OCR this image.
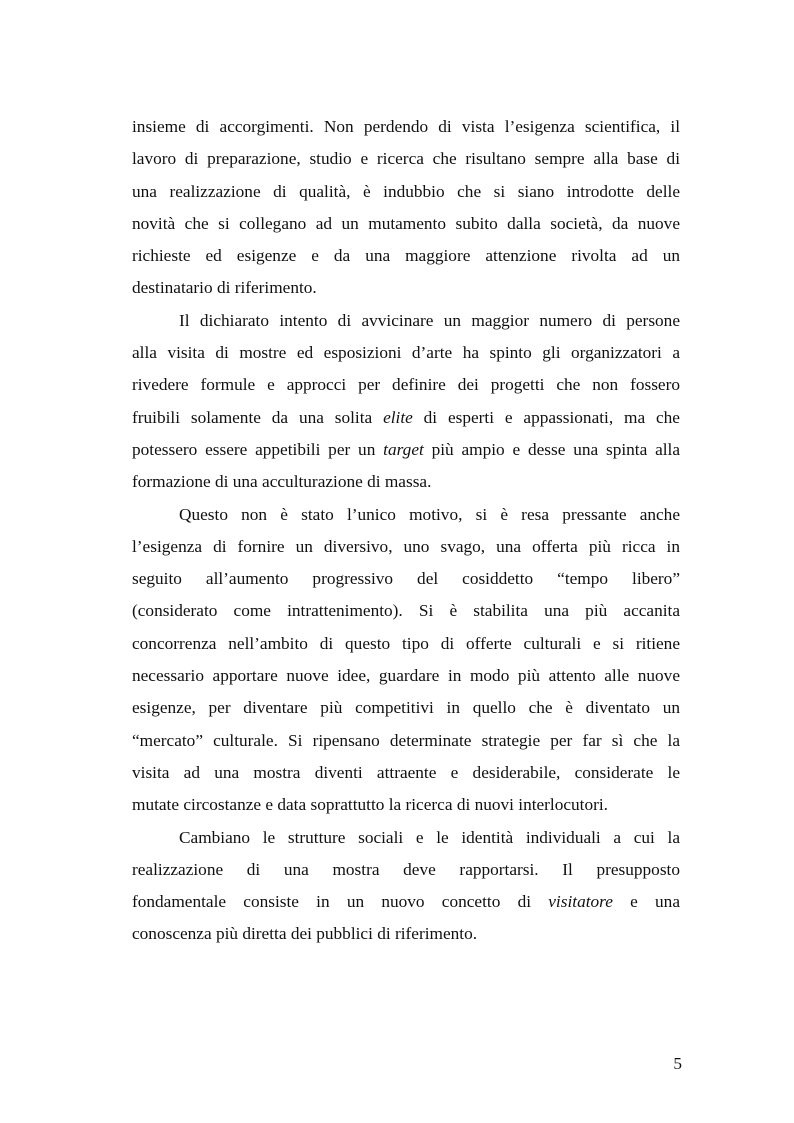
insieme di accorgimenti. Non perdendo di vista l’esigenza scientifica, il
lavoro di preparazione, studio e ricerca che risultano sempre alla base di
una realizzazione di qualità, è indubbio che si siano introdotte delle
novità che si collegano ad un mutamento subito dalla società, da nuove
richieste ed esigenze e da una maggiore attenzione rivolta ad un
destinatario di riferimento.
Il dichiarato intento di avvicinare un maggior numero di persone
alla visita di mostre ed esposizioni d’arte ha spinto gli organizzatori a
rivedere formule e approcci per definire dei progetti che non fossero
fruibili solamente da una solita elite di esperti e appassionati, ma che
potessero essere appetibili per un target più ampio e desse una spinta alla
formazione di una acculturazione di massa.
Questo non è stato l’unico motivo, si è resa pressante anche
l’esigenza di fornire un diversivo, uno svago, una offerta più ricca in
seguito all’aumento progressivo del cosiddetto “tempo libero”
(considerato come intrattenimento). Si è stabilita una più accanita
concorrenza nell’ambito di questo tipo di offerte culturali e si ritiene
necessario apportare nuove idee, guardare in modo più attento alle nuove
esigenze, per diventare più competitivi in quello che è diventato un
“mercato” culturale. Si ripensano determinate strategie per far sì che la
visita ad una mostra diventi attraente e desiderabile, considerate le
mutate circostanze e data soprattutto la ricerca di nuovi interlocutori.
Cambiano le strutture sociali e le identità individuali a cui la
realizzazione di una mostra deve rapportarsi. Il presupposto
fondamentale consiste in un nuovo concetto di visitatore e una
conoscenza più diretta dei pubblici di riferimento.
5
